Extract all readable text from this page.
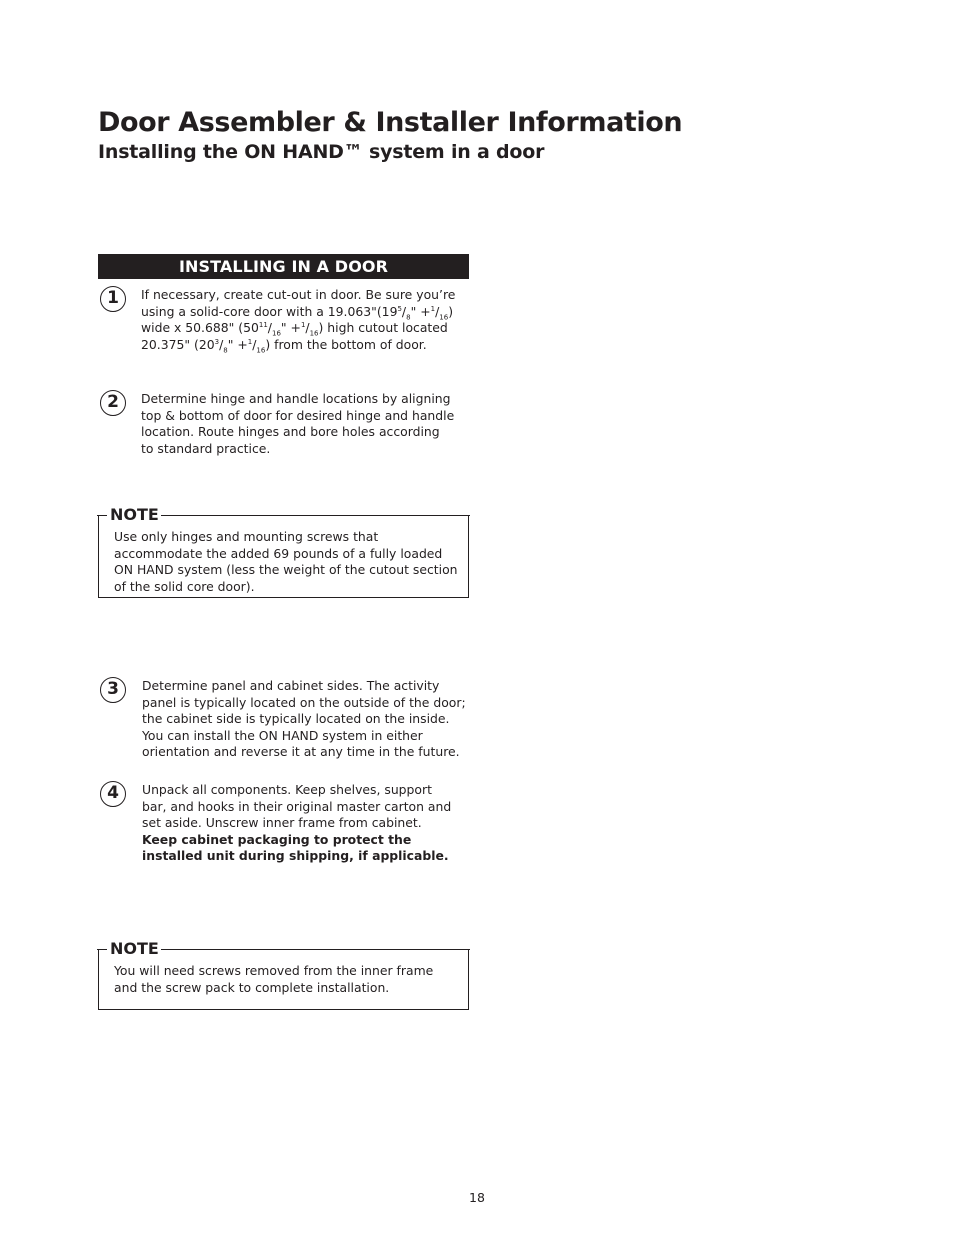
Door Assembler & Installer Information
Installing the ON HAND™ system in a door
INSTALLING IN A DOOR
1	If necessary, create cut-out in door. Be sure you’re

using a solid-core door with a $19.063"(19^5/_8$" $+^1/_{16}$)

wide x 50.688" ($50^{11}/_{16}$" $+^1/_{16}$) high cutout located

20.375" ($20^3/_8$" $+^1/_{16}$) from the bottom of door.

2	Determine hinge and handle locations by aligning top & bottom of door for desired hinge and handle location. Route hinges and bore holes according to standard practice.

NOTE
Use only hinges and mounting screws that accommodate the added 69 pounds of a fully loaded ON HAND system (less the weight of the cutout section of the solid core door).
3	Determine panel and cabinet sides. The activity panel is typically located on the outside of the door; the cabinet side is typically located on the inside. You can install the ON HAND system in either orientation and reverse it at any time in the future.

4	Unpack all components. Keep shelves, support bar, and hooks in their original master carton and set aside. Unscrew inner frame from cabinet.

Keep cabinet packaging to protect the installed unit during shipping, if applicable.

NOTE
You will need screws removed from the inner frame and the screw pack to complete installation.
18
